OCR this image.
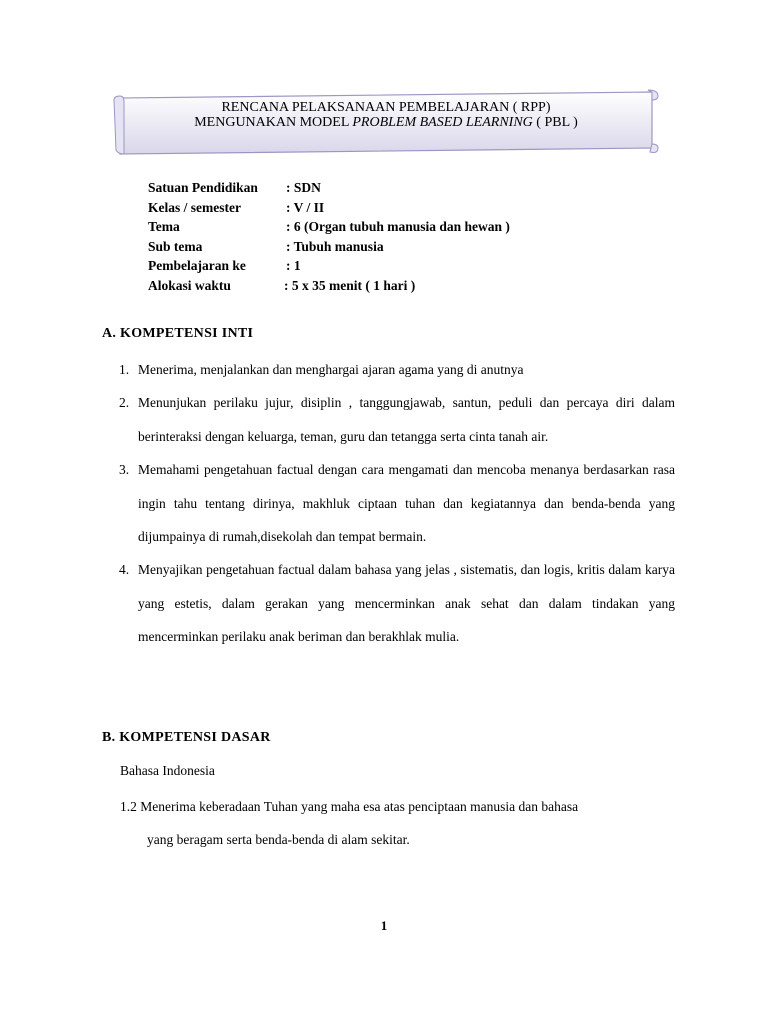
RENCANA PELAKSANAAN PEMBELAJARAN ( RPP)
MENGUNAKAN MODEL PROBLEM BASED LEARNING ( PBL )
Satuan Pendidikan : SDN
Kelas / semester	: V / II
Tema	: 6 (Organ tubuh manusia dan hewan )
Sub tema	: Tubuh manusia
Pembelajaran ke	: 1
Alokasi waktu	: 5 x 35 menit ( 1 hari )
A. KOMPETENSI INTI
1. Menerima, menjalankan dan menghargai ajaran agama yang di anutnya
2. Menunjukan perilaku jujur, disiplin , tanggungjawab, santun, peduli dan percaya diri dalam berinteraksi dengan keluarga, teman, guru dan tetangga serta cinta tanah air.
3. Memahami pengetahuan factual dengan cara mengamati dan mencoba menanya berdasarkan rasa ingin tahu tentang dirinya, makhluk ciptaan tuhan dan kegiatannya dan benda-benda yang dijumpainya di rumah,disekolah dan tempat bermain.
4. Menyajikan pengetahuan factual dalam bahasa yang jelas , sistematis, dan logis, kritis dalam karya yang estetis, dalam gerakan yang mencerminkan anak sehat dan dalam tindakan yang mencerminkan perilaku anak beriman dan berakhlak mulia.
B. KOMPETENSI DASAR
Bahasa Indonesia
1.2 Menerima keberadaan Tuhan yang maha esa atas penciptaan manusia dan bahasa
yang beragam serta benda-benda di alam sekitar.
1
